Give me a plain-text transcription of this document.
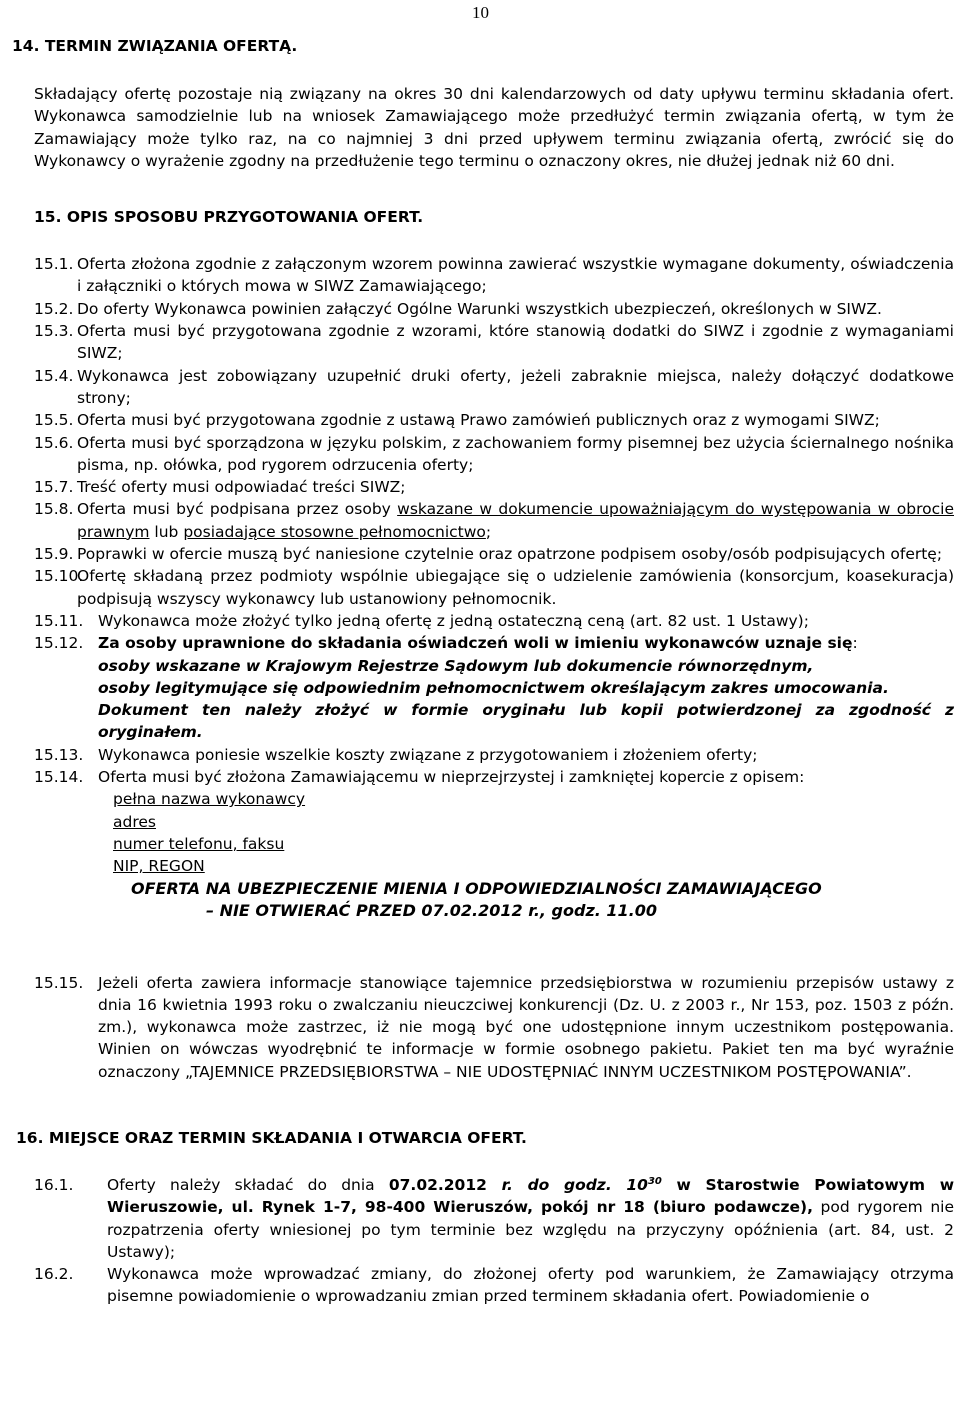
10
14. TERMIN ZWIĄZANIA OFERTĄ.

Składający ofertę pozostaje nią związany na okres 30 dni kalendarzowych od daty upływu terminu składania ofert. Wykonawca samodzielnie lub na wniosek Zamawiającego może przedłużyć termin związania ofertą, w tym że Zamawiający może tylko raz, na co najmniej 3 dni przed upływem terminu związania ofertą, zwrócić się do Wykonawcy o wyrażenie zgodny na przedłużenie tego terminu o oznaczony okres, nie dłużej jednak niż 60 dni.

15. OPIS SPOSOBU PRZYGOTOWANIA OFERT.
15.1. Oferta złożona zgodnie z załączonym wzorem powinna zawierać wszystkie wymagane dokumenty, oświadczenia i załączniki o których mowa w SIWZ Zamawiającego;
15.2. Do oferty Wykonawca powinien załączyć Ogólne Warunki wszystkich ubezpieczeń, określonych w SIWZ.
15.3. Oferta musi być przygotowana zgodnie z wzorami, które stanowią dodatki do SIWZ i zgodnie z wymaganiami SIWZ;
15.4. Wykonawca jest zobowiązany uzupełnić druki oferty, jeżeli zabraknie miejsca, należy dołączyć dodatkowe strony;
15.5. Oferta musi być przygotowana zgodnie z ustawą Prawo zamówień publicznych oraz z wymogami SIWZ;
15.6. Oferta musi być sporządzona w języku polskim, z zachowaniem formy pisemnej bez użycia ściernalnego nośnika pisma, np. ołówka, pod rygorem odrzucenia oferty;
15.7. Treść oferty musi odpowiadać treści SIWZ;
15.8. Oferta musi być podpisana przez osoby wskazane w dokumencie upoważniającym do występowania w obrocie prawnym lub posiadające stosowne pełnomocnictwo;
15.9. Poprawki w ofercie muszą być naniesione czytelnie oraz opatrzone podpisem osoby/osób podpisujących ofertę;
15.10.
Ofertę składaną przez podmioty wspólnie ubiegające się o udzielenie zamówienia (konsorcjum, koasekuracja) podpisują wszyscy wykonawcy lub ustanowiony pełnomocnik.
15.11. Wykonawca może złożyć tylko jedną ofertę z jedną ostateczną ceną (art. 82 ust. 1 Ustawy);
15.12. Za osoby uprawnione do składania oświadczeń woli w imieniu wykonawców uznaje się:
osoby wskazane w Krajowym Rejestrze Sądowym lub dokumencie równorzędnym,
osoby legitymujące się odpowiednim pełnomocnictwem określającym zakres umocowania.
Dokument ten należy złożyć w formie oryginału lub kopii potwierdzonej za zgodność z oryginałem.
15.13. Wykonawca poniesie wszelkie koszty związane z przygotowaniem i złożeniem oferty;
15.14. Oferta musi być złożona Zamawiającemu w nieprzejrzystej i zamkniętej kopercie z opisem:
pełna nazwa wykonawcy
adres
numer telefonu, faksu
NIP, REGON
OFERTA NA UBEZPIECZENIE MIENIA I ODPOWIEDZIALNOŚCI ZAMAWIAJĄCEGO
– NIE OTWIERAĆ PRZED 07.02.2012 r., godz. 11.00
15.15. Jeżeli oferta zawiera informacje stanowiące tajemnice przedsiębiorstwa w rozumieniu przepisów ustawy z dnia 16 kwietnia 1993 roku o zwalczaniu nieuczciwej konkurencji (Dz. U. z 2003 r., Nr 153, poz. 1503 z późn. zm.), wykonawca może zastrzec, iż nie mogą być one udostępnione innym uczestnikom postępowania. Winien on wówczas wyodrębnić te informacje w formie osobnego pakietu. Pakiet ten ma być wyraźnie oznaczony „TAJEMNICE PRZEDSIĘBIORSTWA – NIE UDOSTĘPNIAĆ INNYM UCZESTNIKOM POSTĘPOWANIA”.
16. MIEJSCE ORAZ TERMIN SKŁADANIA I OTWARCIA OFERT.
16.1.	Oferty należy składać do dnia 07.02.2012 r. do godz. $10^{30}$ w Starostwie Powiatowym w Wieruszowie, ul. Rynek 1-7, 98-400 Wieruszów, pokój nr 18 (biuro podawcze), pod rygorem nie rozpatrzenia oferty wniesionej po tym terminie bez względu na przyczyny opóźnienia (art. 84, ust. 2 Ustawy);
16.2.	Wykonawca może wprowadzać zmiany, do złożonej oferty pod warunkiem, że Zamawiający otrzyma pisemne powiadomienie o wprowadzaniu zmian przed terminem składania ofert. Powiadomienie o
